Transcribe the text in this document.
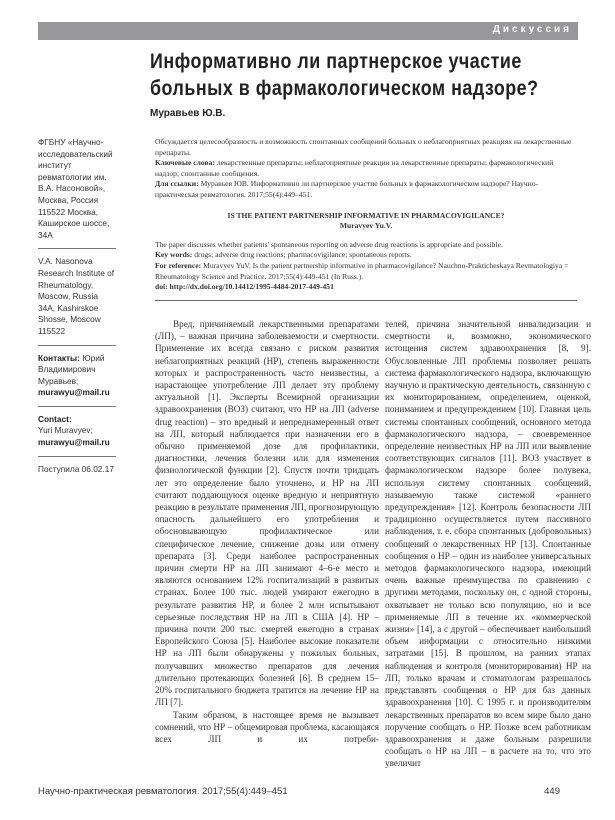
Дискуссия
Информативно ли партнерское участие больных в фармакологическом надзоре?
Муравьев Ю.В.
ФГБНУ «Научно-исследовательский институт ревматологии им. В.А. Насоновой», Москва, Россия 115522 Москва, Каширское шоссе, 34А
V.A. Nasonova Research Institute of Rheumatology, Moscow, Russia 34A, Kashirskoe Shosse, Moscow 115522
Контакты: Юрий Владимирович Муравьев;
murawyu@mail.ru
Contact:
Yuri Muravyev;
murawyu@mail.ru
Поступила 06.02.17

Обсуждается целесообразность и возможность спонтанных сообщений больных о неблагоприятных реакциях на лекарственные препараты.

Ключевые слова: лекарственные препараты; неблагоприятные реакции на лекарственные препараты; фармакологический надзор; спонтанные сообщения.

Для ссылки: Муравьев ЮВ. Информативно ли партнерское участие больных в фармакологическом надзоре? Научно-практическая ревматология. 2017;55(4):449–451.

IS THE PATIENT PARTNERSHIP INFORMATIVE IN PHARMACOVIGILANCE?

Muravyev Yu.V.

The paper discusses whether patients' spontaneous reporting on adverse drug reactions is appropriate and possible.

Key words: drugs; adverse drug reactions; pharmacovigilance; spontaneous reports.

For reference: Muravyev YuV. Is the patient partnership informative in pharmacovigilance? Nauchno-Prakticheskaya Revmatologiya = Rheumatology Science and Practice. 2017;55(4):449-451 (In Russ.).

doi: http://dx.doi.org/10.14412/1995-4484-2017-449-451

Вред, причиняемый лекарственными препаратами (ЛП), – важная причина заболеваемости и смертности. Применение их всегда связано с риском развития неблагоприятных реакций (НР), степень выраженности которых и распространенность часто неизвестны, а нарастающее употребление ЛП делает эту проблему актуальной [1]. Эксперты Всемирной организации здравоохранения (ВОЗ) считают, что НР на ЛП (adverse drug reaction) – это вредный и непреднамеренный ответ на ЛП, который наблюдается при назначении его в обычно применяемой дозе для профилактики, диагностики, лечения болезни или для изменения физиологической функции [2]. Спустя почти тридцать лет это определение было уточнено, и НР на ЛП считают поддающуюся оценке вредную и неприятную реакцию в результате применения ЛП, прогнозирующую опасность дальнейшего его употребления и обосновывающую профилактическое или специфическое лечение, снижение дозы или отмену препарата [3]. Среди наиболее распространенных причин смерти НР на ЛП занимают 4–6-е место и являются основанием 12% госпитализаций в развитых странах. Более 100 тыс. людей умирают ежегодно в результате развития НР, и более 2 млн испытывают серьезные последствия НР на ЛП в США [4]. НР – причина почти 200 тыс. смертей ежегодно в странах Европейского Союза [5]. Наиболее высокие показатели НР на ЛП были обнаружены у пожилых больных, получавших множество препаратов для лечения длительно протекающих болезней [6]. В среднем 15–20% госпитального бюджета тратится на лечение НР на ЛП [7].

Таким образом, в настоящее время не вызывает сомнений, что НР – общемировая проблема, касающаяся всех ЛП и их потреби-

телей, причина значительной инвалидизации и смертности и, возможно, экономического истощения систем здравоохранения [8, 9]. Обусловленные ЛП проблемы позволяет решать система фармакологического надзора, включающую научную и практическую деятельность, связанную с их мониторированием, определением, оценкой, пониманием и предупреждением [10]. Главная цель системы спонтанных сообщений, основного метода фармакологического надзора, – своевременное определение неизвестных НР на ЛП или выявление соответствующих сигналов [11]. ВОЗ участвует в фармакологическом надзоре более полувека, используя систему спонтанных сообщений, называемую также системой «раннего предупреждения» [12]. Контроль безопасности ЛП традиционно осуществляется путем пассивного наблюдения, т. е. сбора спонтанных (добровольных) сообщений о лекарственных НР [13]. Спонтанные сообщения о НР – один из наиболее универсальных методов фармакологического надзора, имеющий очень важные преимущества по сравнению с другими методами, поскольку он, с одной стороны, охватывает не только всю популяцию, но и все применяемые ЛП в течение их «коммерческой жизни» [14], а с другой – обеспечивает наибольший объем информации с относительно низкими затратами [15]. В прошлом, на ранних этапах наблюдения и контроля (мониторирования) НР на ЛП, только врачам и стоматологам разрешалось представлять сообщения о НР для баз данных здравоохранения [10]. С 1995 г. и производителям лекарственных препаратов во всем мире было дано поручение сообщать о НР. Позже всем работникам здравоохранения и даже больным разрешили сообщать о НР на ЛП – в расчете на то, что это увеличит

Научно-практическая ревматология. 2017;55(4):449–451	449
